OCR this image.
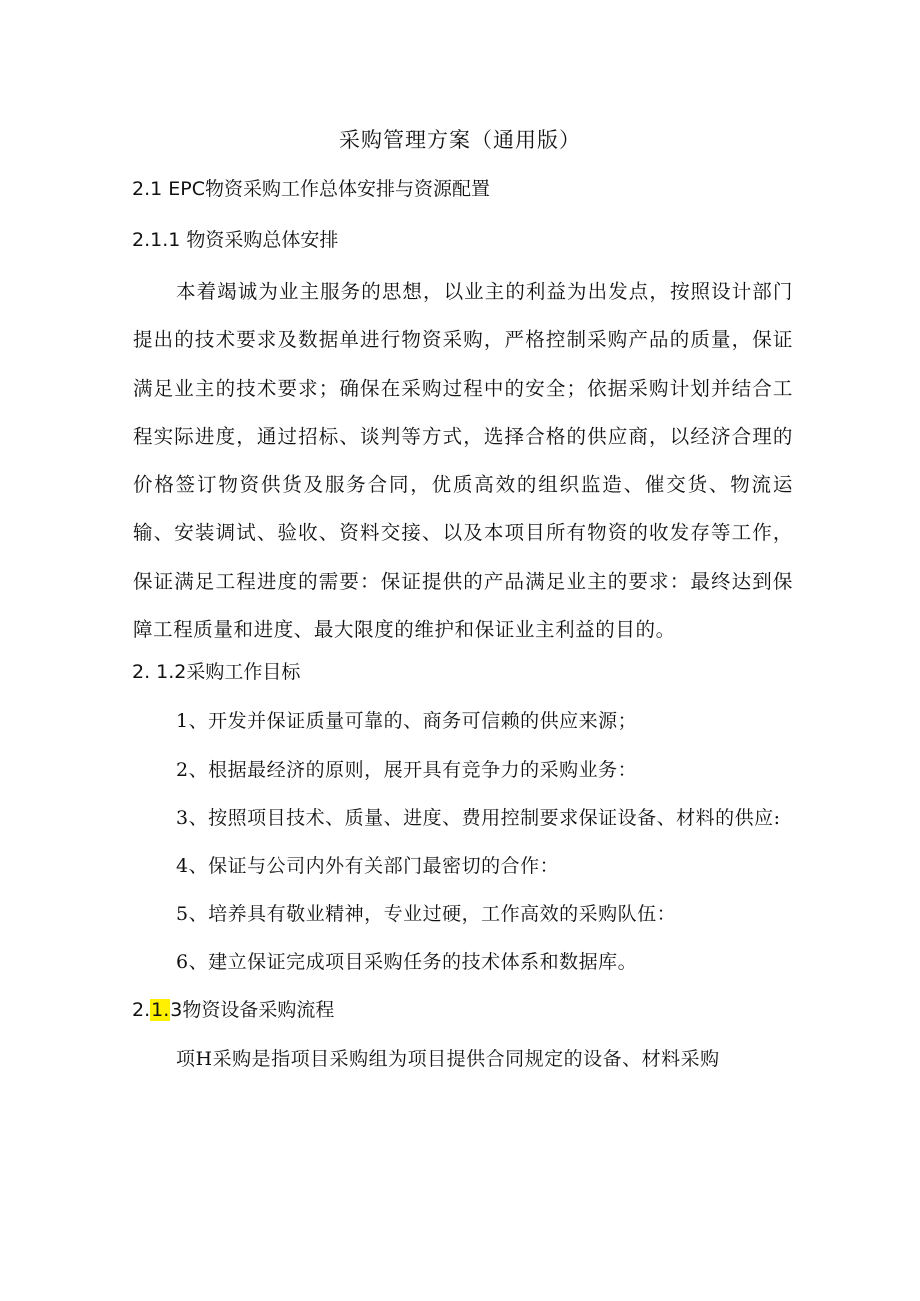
采购管理方案（通用版）
2.1 EPC物资采购工作总体安排与资源配置
2.1.1 物资采购总体安排

本着竭诚为业主服务的思想，以业主的利益为出发点，按照设计部门提出的技术要求及数据单进行物资采购，严格控制采购产品的质量，保证满足业主的技术要求；确保在采购过程中的安全；依据采购计划并结合工程实际进度，通过招标、谈判等方式，选择合格的供应商，以经济合理的价格签订物资供货及服务合同，优质高效的组织监造、催交货、物流运输、安装调试、验收、资料交接、以及本项目所有物资的收发存等工作，保证满足工程进度的需要：保证提供的产品满足业主的要求：最终达到保障工程质量和进度、最大限度的维护和保证业主利益的目的。

2. 1.2采购工作目标
1、开发并保证质量可靠的、商务可信赖的供应来源；
2、根据最经济的原则，展开具有竞争力的采购业务：
3、按照项目技术、质量、进度、费用控制要求保证设备、材料的供应:
4、保证与公司内外有关部门最密切的合作：
5、培养具有敬业精神，专业过硬，工作高效的采购队伍：
6、建立保证完成项目采购任务的技术体系和数据库。
2.1.3物资设备采购流程
项H采购是指项目采购组为项目提供合同规定的设备、材料采购
